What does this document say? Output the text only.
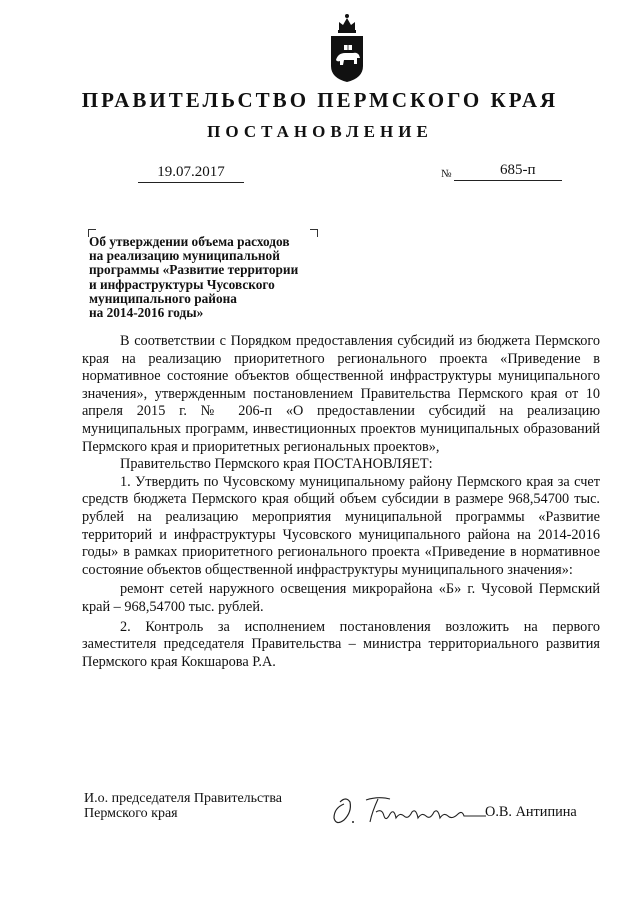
ПРАВИТЕЛЬСТВО ПЕРМСКОГО КРАЯ
ПОСТАНОВЛЕНИЕ
19.07.2017	№	685-п
Об утверждении объема расходов
на реализацию муниципальной
программы «Развитие территории
и инфраструктуры Чусовского
муниципального района
на 2014-2016 годы»

В соответствии с Порядком предоставления субсидий из бюджета Пермского края на реализацию приоритетного регионального проекта «Приведение в нормативное состояние объектов общественной инфраструктуры муниципального значения», утвержденным постановлением Правительства Пермского края от 10 апреля 2015 г. № 206-п «О предоставлении субсидий на реализацию муниципальных программ, инвестиционных проектов муниципальных образований Пермского края и приоритетных региональных проектов»,

Правительство Пермского края ПОСТАНОВЛЯЕТ:

1. Утвердить по Чусовскому муниципальному району Пермского края за счет средств бюджета Пермского края общий объем субсидии в размере 968,54700 тыс. рублей на реализацию мероприятия муниципальной программы «Развитие территорий и инфраструктуры Чусовского муниципального района на 2014-2016 годы» в рамках приоритетного регионального проекта «Приведение в нормативное состояние объектов общественной инфраструктуры муниципального значения»:

ремонт сетей наружного освещения микрорайона «Б» г. Чусовой Пермский край – 968,54700 тыс. рублей.

2. Контроль за исполнением постановления возложить на первого заместителя председателя Правительства – министра территориального развития Пермского края Кокшарова Р.А.

И.о. председателя Правительства
Пермского края	О.В. Антипина
